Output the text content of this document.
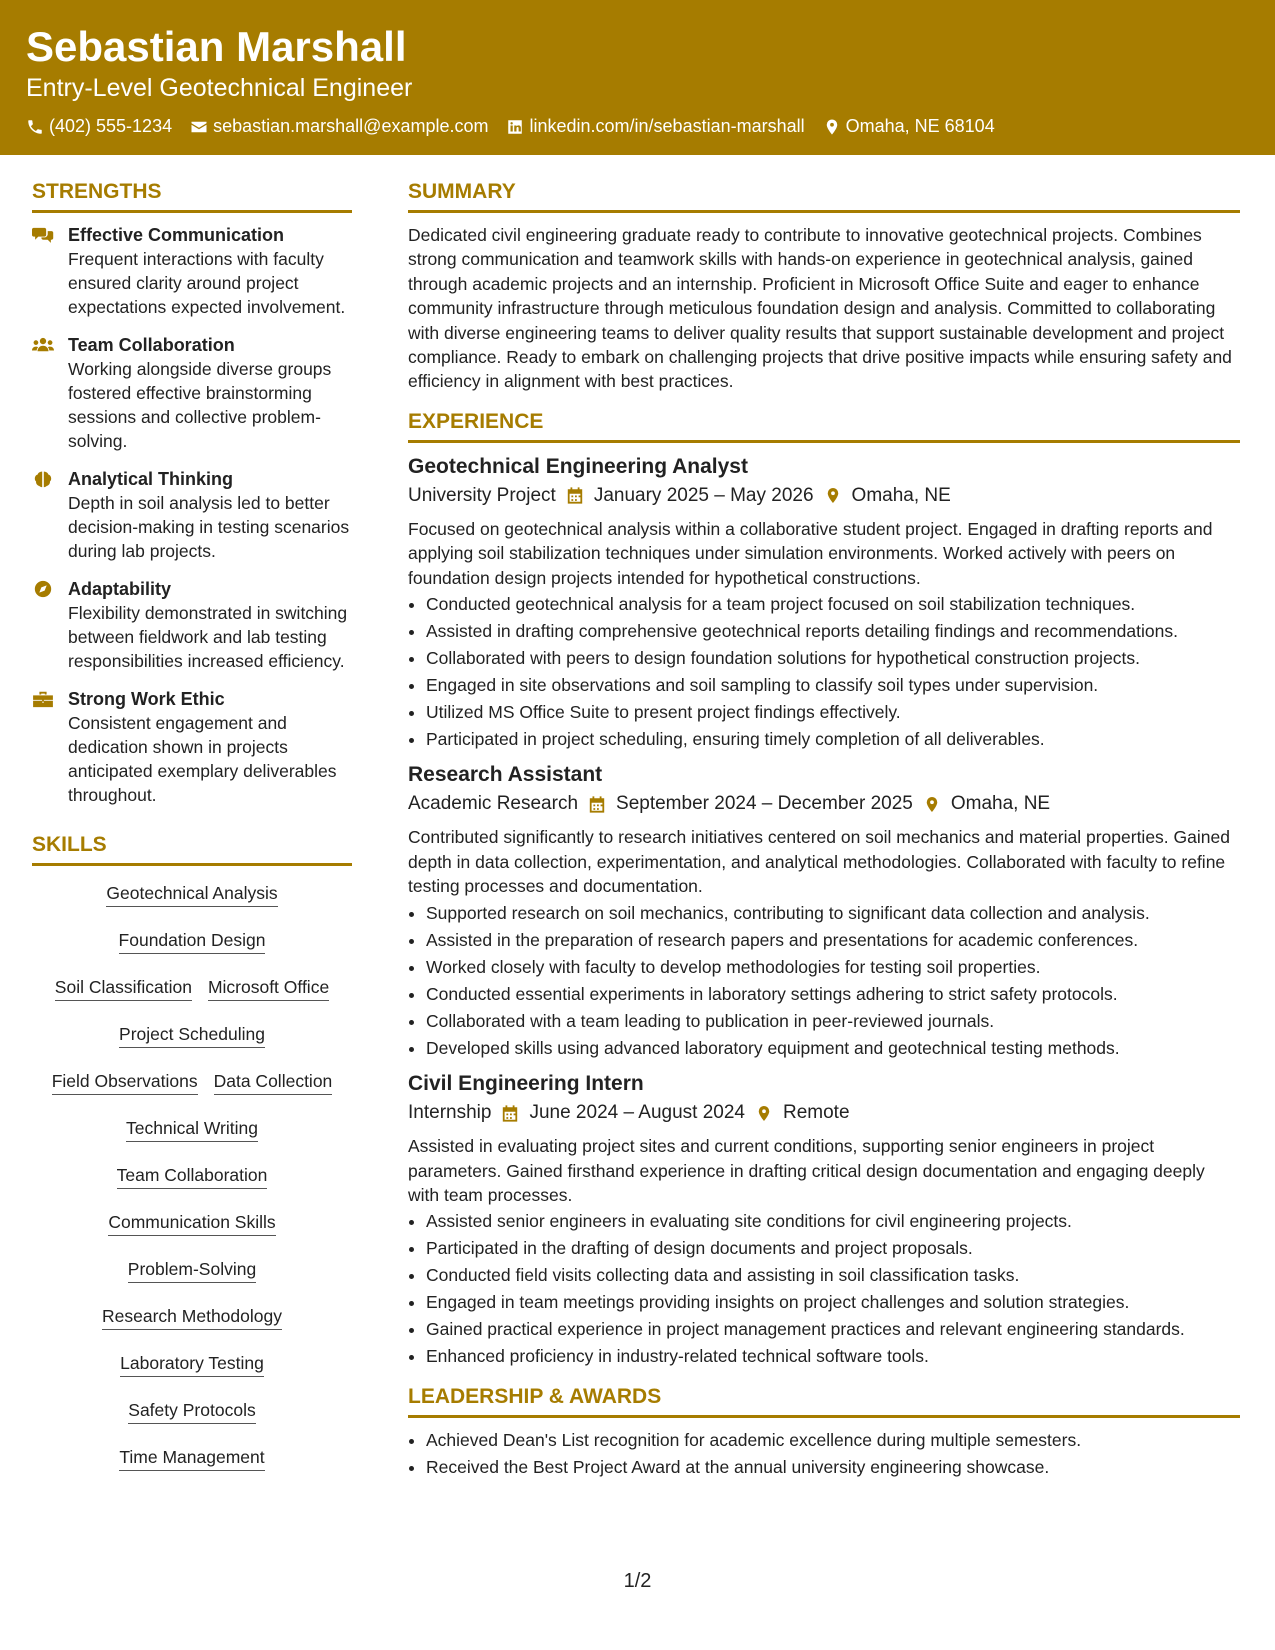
Sebastian Marshall
Entry-Level Geotechnical Engineer
(402) 555-1234 sebastian.marshall@example.com linkedin.com/in/sebastian-marshall Omaha, NE 68104
STRENGTHS
Effective Communication
Frequent interactions with faculty ensured clarity around project expectations expected involvement.
Team Collaboration
Working alongside diverse groups fostered effective brainstorming sessions and collective problem-solving.
Analytical Thinking
Depth in soil analysis led to better decision-making in testing scenarios during lab projects.
Adaptability
Flexibility demonstrated in switching between fieldwork and lab testing responsibilities increased efficiency.
Strong Work Ethic
Consistent engagement and dedication shown in projects anticipated exemplary deliverables throughout.
SKILLS
Geotechnical Analysis
Foundation Design
Soil Classification Microsoft Office
Project Scheduling
Field Observations Data Collection
Technical Writing
Team Collaboration
Communication Skills
Problem-Solving
Research Methodology
Laboratory Testing
Safety Protocols
Time Management
SUMMARY
Dedicated civil engineering graduate ready to contribute to innovative geotechnical projects. Combines strong communication and teamwork skills with hands-on experience in geotechnical analysis, gained through academic projects and an internship. Proficient in Microsoft Office Suite and eager to enhance community infrastructure through meticulous foundation design and analysis. Committed to collaborating with diverse engineering teams to deliver quality results that support sustainable development and project compliance. Ready to embark on challenging projects that drive positive impacts while ensuring safety and efficiency in alignment with best practices.
EXPERIENCE
Geotechnical Engineering Analyst
University Project January 2025 – May 2026 Omaha, NE
Focused on geotechnical analysis within a collaborative student project. Engaged in drafting reports and applying soil stabilization techniques under simulation environments. Worked actively with peers on foundation design projects intended for hypothetical constructions.
• Conducted geotechnical analysis for a team project focused on soil stabilization techniques.
• Assisted in drafting comprehensive geotechnical reports detailing findings and recommendations.
• Collaborated with peers to design foundation solutions for hypothetical construction projects.
• Engaged in site observations and soil sampling to classify soil types under supervision.
• Utilized MS Office Suite to present project findings effectively.
• Participated in project scheduling, ensuring timely completion of all deliverables.
Research Assistant
Academic Research September 2024 – December 2025 Omaha, NE
Contributed significantly to research initiatives centered on soil mechanics and material properties. Gained depth in data collection, experimentation, and analytical methodologies. Collaborated with faculty to refine testing processes and documentation.
• Supported research on soil mechanics, contributing to significant data collection and analysis.
• Assisted in the preparation of research papers and presentations for academic conferences.
• Worked closely with faculty to develop methodologies for testing soil properties.
• Conducted essential experiments in laboratory settings adhering to strict safety protocols.
• Collaborated with a team leading to publication in peer-reviewed journals.
• Developed skills using advanced laboratory equipment and geotechnical testing methods.
Civil Engineering Intern
Internship June 2024 – August 2024 Remote
Assisted in evaluating project sites and current conditions, supporting senior engineers in project parameters. Gained firsthand experience in drafting critical design documentation and engaging deeply with team processes.
• Assisted senior engineers in evaluating site conditions for civil engineering projects.
• Participated in the drafting of design documents and project proposals.
• Conducted field visits collecting data and assisting in soil classification tasks.
• Engaged in team meetings providing insights on project challenges and solution strategies.
• Gained practical experience in project management practices and relevant engineering standards.
• Enhanced proficiency in industry-related technical software tools.
LEADERSHIP & AWARDS
• Achieved Dean's List recognition for academic excellence during multiple semesters.
• Received the Best Project Award at the annual university engineering showcase.
1/2
